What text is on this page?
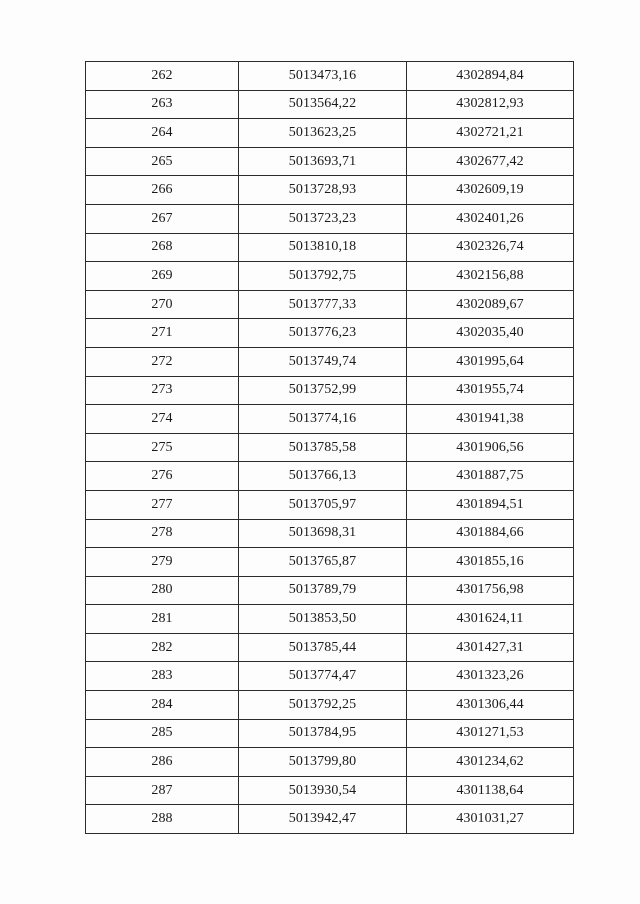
262	5013473,16	4302894,84
263	5013564,22	4302812,93
264	5013623,25	4302721,21
265	5013693,71	4302677,42
266	5013728,93	4302609,19
267	5013723,23	4302401,26
268	5013810,18	4302326,74
269	5013792,75	4302156,88
270	5013777,33	4302089,67
271	5013776,23	4302035,40
272	5013749,74	4301995,64
273	5013752,99	4301955,74
274	5013774,16	4301941,38
275	5013785,58	4301906,56
276	5013766,13	4301887,75
277	5013705,97	4301894,51
278	5013698,31	4301884,66
279	5013765,87	4301855,16
280	5013789,79	4301756,98
281	5013853,50	4301624,11
282	5013785,44	4301427,31
283	5013774,47	4301323,26
284	5013792,25	4301306,44
285	5013784,95	4301271,53
286	5013799,80	4301234,62
287	5013930,54	4301138,64
288	5013942,47	4301031,27
